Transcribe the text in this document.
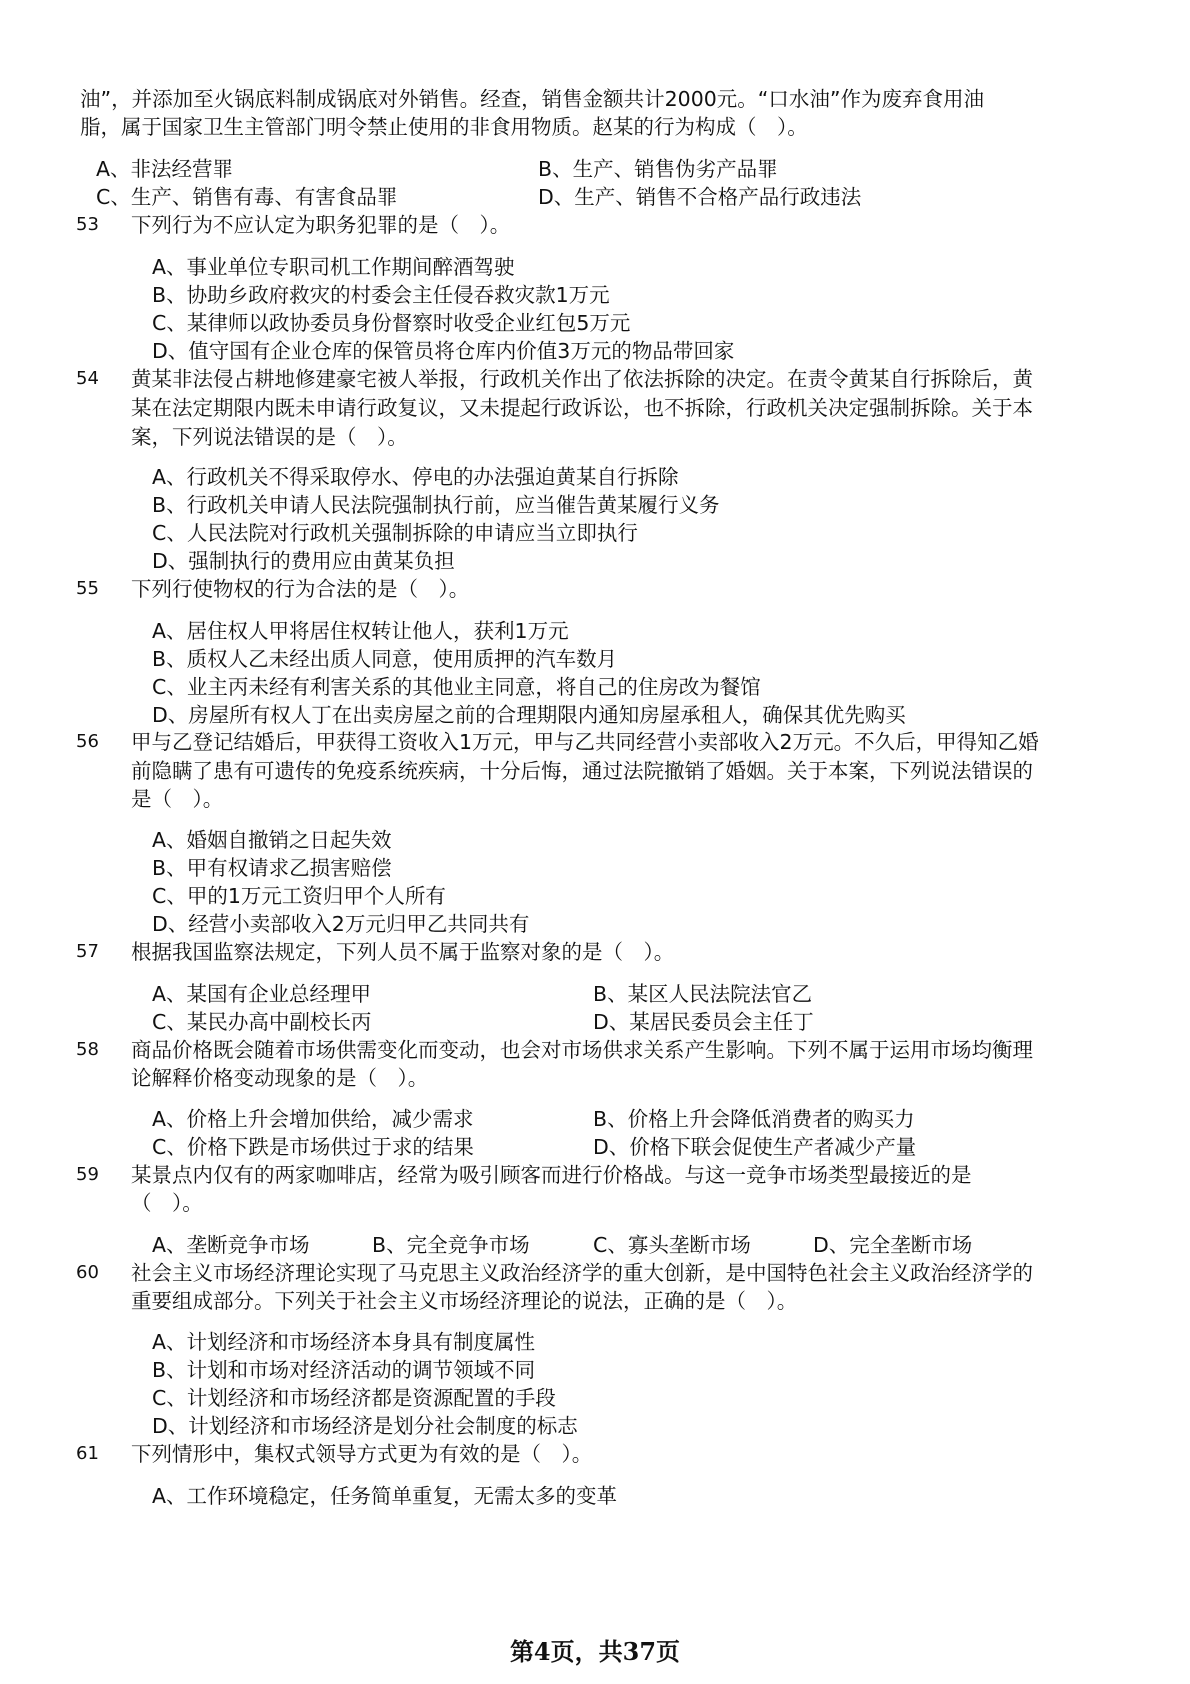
油”，并添加至火锅底料制成锅底对外销售。经查，销售金额共计2000元。“口水油”作为废弃食用油
脂，属于国家卫生主管部门明令禁止使用的非食用物质。赵某的行为构成（　）。
A、非法经营罪	B、生产、销售伪劣产品罪
C、生产、销售有毒、有害食品罪	D、生产、销售不合格产品行政违法
53 下列行为不应认定为职务犯罪的是（　）。
A、事业单位专职司机工作期间醉酒驾驶
B、协助乡政府救灾的村委会主任侵吞救灾款1万元
C、某律师以政协委员身份督察时收受企业红包5万元
D、值守国有企业仓库的保管员将仓库内价值3万元的物品带回家
54 黄某非法侵占耕地修建豪宅被人举报，行政机关作出了依法拆除的决定。在责令黄某自行拆除后，黄
某在法定期限内既未申请行政复议，又未提起行政诉讼，也不拆除，行政机关决定强制拆除。关于本
案，下列说法错误的是（　）。
A、行政机关不得采取停水、停电的办法强迫黄某自行拆除
B、行政机关申请人民法院强制执行前，应当催告黄某履行义务
C、人民法院对行政机关强制拆除的申请应当立即执行
D、强制执行的费用应由黄某负担
55 下列行使物权的行为合法的是（　）。
A、居住权人甲将居住权转让他人，获利1万元
B、质权人乙未经出质人同意，使用质押的汽车数月
C、业主丙未经有利害关系的其他业主同意，将自己的住房改为餐馆
D、房屋所有权人丁在出卖房屋之前的合理期限内通知房屋承租人，确保其优先购买
56 甲与乙登记结婚后，甲获得工资收入1万元，甲与乙共同经营小卖部收入2万元。不久后，甲得知乙婚
前隐瞒了患有可遗传的免疫系统疾病，十分后悔，通过法院撤销了婚姻。关于本案，下列说法错误的
是（　）。
A、婚姻自撤销之日起失效
B、甲有权请求乙损害赔偿
C、甲的1万元工资归甲个人所有
D、经营小卖部收入2万元归甲乙共同共有
57 根据我国监察法规定，下列人员不属于监察对象的是（　）。
A、某国有企业总经理甲	B、某区人民法院法官乙
C、某民办高中副校长丙	D、某居民委员会主任丁
58 商品价格既会随着市场供需变化而变动，也会对市场供求关系产生影响。下列不属于运用市场均衡理
论解释价格变动现象的是（　）。
A、价格上升会增加供给，减少需求	B、价格上升会降低消费者的购买力
C、价格下跌是市场供过于求的结果	D、价格下联会促使生产者减少产量
59 某景点内仅有的两家咖啡店，经常为吸引顾客而进行价格战。与这一竞争市场类型最接近的是
（　）。
A、垄断竞争市场	B、完全竞争市场	C、寡头垄断市场	D、完全垄断市场
60 社会主义市场经济理论实现了马克思主义政治经济学的重大创新，是中国特色社会主义政治经济学的
重要组成部分。下列关于社会主义市场经济理论的说法，正确的是（　）。
A、计划经济和市场经济本身具有制度属性
B、计划和市场对经济活动的调节领域不同
C、计划经济和市场经济都是资源配置的手段
D、计划经济和市场经济是划分社会制度的标志
61 下列情形中，集权式领导方式更为有效的是（　）。
A、工作环境稳定，任务简单重复，无需太多的变革
第4页，共37页
